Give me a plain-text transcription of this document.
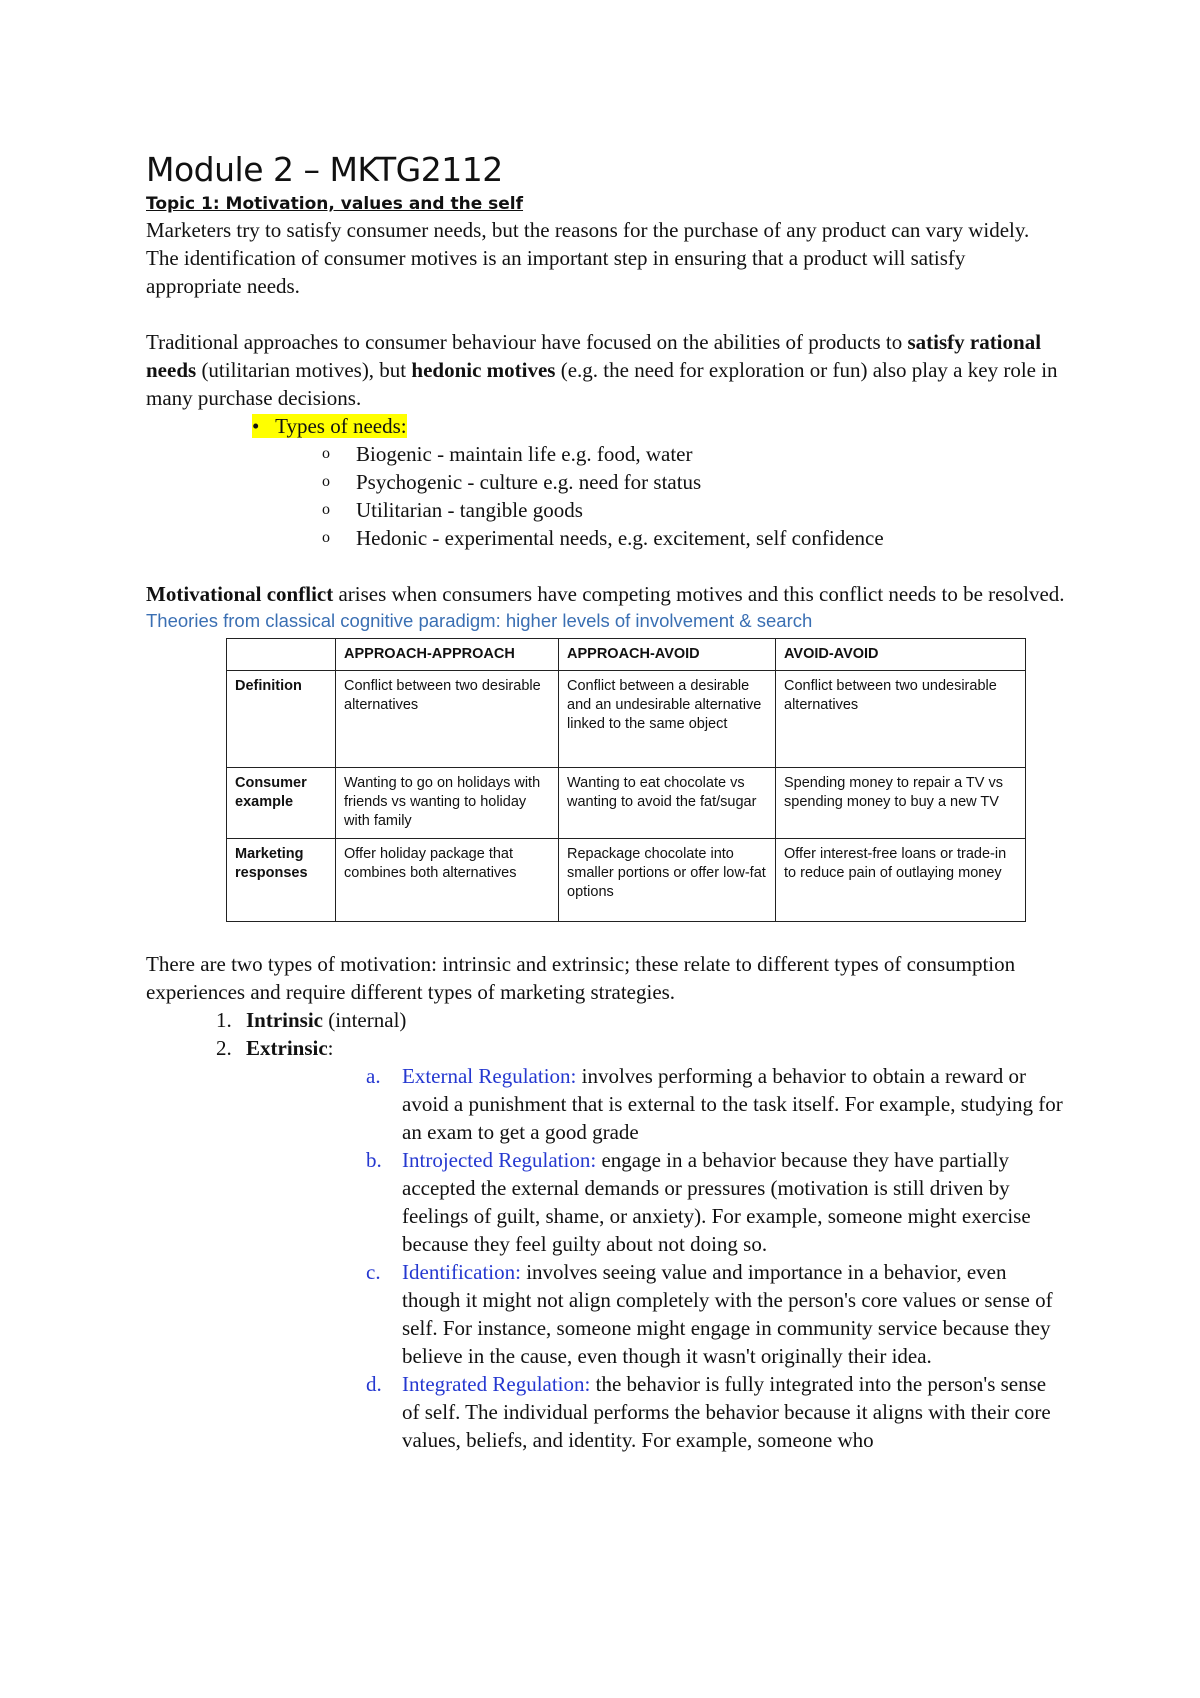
Module 2 – MKTG2112

Topic 1: Motivation, values and the self

Marketers try to satisfy consumer needs, but the reasons for the purchase of any product can vary widely. The identification of consumer motives is an important step in ensuring that a product will satisfy appropriate needs.

Traditional approaches to consumer behaviour have focused on the abilities of products to satisfy rational needs (utilitarian motives), but hedonic motives (e.g. the need for exploration or fun) also play a key role in many purchase decisions.

• Types of needs:
o Biogenic - maintain life e.g. food, water
o Psychogenic - culture e.g. need for status
o Utilitarian - tangible goods
o Hedonic - experimental needs, e.g. excitement, self confidence

Motivational conflict arises when consumers have competing motives and this conflict needs to be resolved.

Theories from classical cognitive paradigm: higher levels of involvement & search

	APPROACH-APPROACH	APPROACH-AVOID	AVOID-AVOID
Definition	Conflict between two desirable alternatives	Conflict between a desirable and an undesirable alternative linked to the same object	Conflict between two undesirable alternatives
Consumer example	Wanting to go on holidays with friends vs wanting to holiday with family	Wanting to eat chocolate vs wanting to avoid the fat/sugar	Spending money to repair a TV vs spending money to buy a new TV
Marketing responses	Offer holiday package that combines both alternatives	Repackage chocolate into smaller portions or offer low-fat options	Offer interest-free loans or trade-in to reduce pain of outlaying money

There are two types of motivation: intrinsic and extrinsic; these relate to different types of consumption experiences and require different types of marketing strategies.

1. Intrinsic (internal)
2. Extrinsic:
a. External Regulation: involves performing a behavior to obtain a reward or avoid a punishment that is external to the task itself. For example, studying for an exam to get a good grade
b. Introjected Regulation: engage in a behavior because they have partially accepted the external demands or pressures (motivation is still driven by feelings of guilt, shame, or anxiety). For example, someone might exercise because they feel guilty about not doing so.
c. Identification: involves seeing value and importance in a behavior, even though it might not align completely with the person's core values or sense of self. For instance, someone might engage in community service because they believe in the cause, even though it wasn't originally their idea.
d. Integrated Regulation: the behavior is fully integrated into the person's sense of self. The individual performs the behavior because it aligns with their core values, beliefs, and identity. For example, someone who
